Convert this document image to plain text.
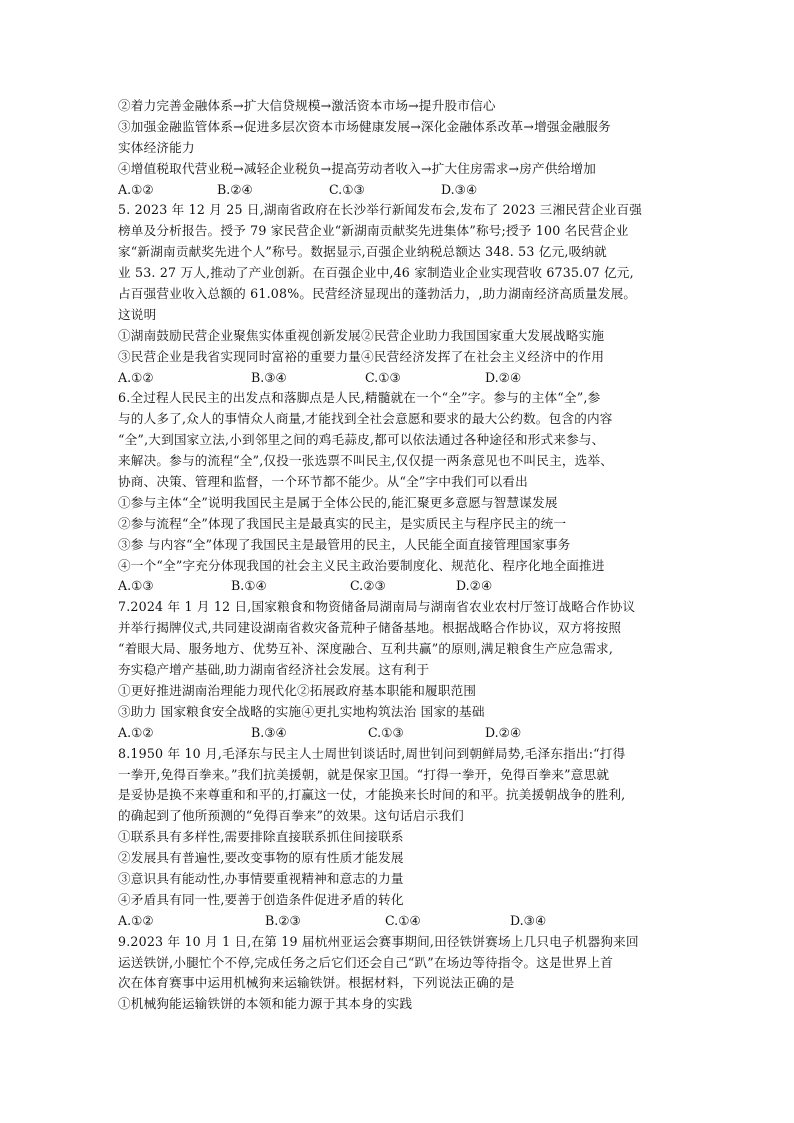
②着力完善金融体系→扩大信贷规模→激活资本市场→提升股市信心
③加强金融监管体系→促进多层次资本市场健康发展→深化金融体系改革→增强金融服务
实体经济能力
④增值税取代营业税→减轻企业税负→提高劳动者收入→扩大住房需求→房产供给增加
A.①②	B.②④	C.①③	D.③④
5. 2023 年 12 月 25 日,湖南省政府在长沙举行新闻发布会,发布了 2023 三湘民营企业百强
榜单及分析报告。授予 79 家民营企业“新湖南贡献奖先进集体”称号;授予 100 名民营企业
家“新湖南贡献奖先进个人”称号。数据显示,百强企业纳税总额达 348. 53 亿元,吸纳就
业 53. 27 万人,推动了产业创新。在百强企业中,46 家制造业企业实现营收 6735.07 亿元,
占百强营业收入总额的 61.08%。民营经济显现出的蓬勃活力，,助力湖南经济高质量发展。
这说明
①湖南鼓励民营企业聚焦实体重视创新发展②民营企业助力我国国家重大发展战略实施
③民营企业是我省实现同时富裕的重要力量④民营经济发挥了在社会主义经济中的作用
A.①②	B.③④	C.①③	D.②④
6.全过程人民民主的出发点和落脚点是人民,精髓就在一个“全”字。参与的主体“全”,参
与的人多了,众人的事情众人商量,才能找到全社会意愿和要求的最大公约数。包含的内容
“全”,大到国家立法,小到邻里之间的鸡毛蒜皮,都可以依法通过各种途径和形式来参与、
来解决。参与的流程“全”,仅投一张选票不叫民主,仅仅提一两条意见也不叫民主，选举、
协商、决策、管理和监督，一个环节都不能少。从“全”字中我们可以看出
①参与主体“全”说明我国民主是属于全体公民的,能汇聚更多意愿与智慧谋发展
②参与流程“全”体现了我国民主是最真实的民主，是实质民主与程序民主的统一
③参 与内容“全”体现了我国民主是最管用的民主，人民能全面直接管理国家事务
④一个“全”字充分体现我国的社会主义民主政治要制度化、规范化、程序化地全面推进
A.①③	B.①④	C.②③	D.②④
7.2024 年 1 月 12 日,国家粮食和物资储备局湖南局与湖南省农业农村厅签订战略合作协议
并举行揭牌仪式,共同建设湖南省救灾备荒种子储备基地。根据战略合作协议，双方将按照
“着眼大局、服务地方、优势互补、深度融合、互利共赢”的原则,满足粮食生产应急需求,
夯实稳产增产基础,助力湖南省经济社会发展。这有利于
①更好推进湖南治理能力现代化②拓展政府基本职能和履职范围
③助力 国家粮食安全战略的实施④更扎实地构筑法治 国家的基础
A.①②	B.③④	C.①③	D.②④
8.1950 年 10 月,毛泽东与民主人士周世钊谈话时,周世钊问到朝鲜局势,毛泽东指出:“打得
一拳开,免得百拳来。”我们抗美援朝，就是保家卫国。“打得一拳开，免得百拳来”意思就
是妥协是换不来尊重和和平的,打赢这一仗，才能换来长时间的和平。抗美援朝战争的胜利,
的确起到了他所预测的“免得百拳来”的效果。这句话启示我们
①联系具有多样性,需要排除直接联系抓住间接联系
②发展具有普遍性,要改变事物的原有性质才能发展
③意识具有能动性,办事情要重视精神和意志的力量
④矛盾具有同一性,要善于创造条件促进矛盾的转化
A.①②	B.②③	C.①④	D.③④
9.2023 年 10 月 1 日,在第 19 届杭州亚运会赛事期间,田径铁饼赛场上几只电子机器狗来回
运送铁饼,小腿忙个不停,完成任务之后它们还会自己“趴”在场边等待指令。这是世界上首
次在体育赛事中运用机械狗来运输铁饼。根据材料，下列说法正确的是
①机械狗能运输铁饼的本领和能力源于其本身的实践
